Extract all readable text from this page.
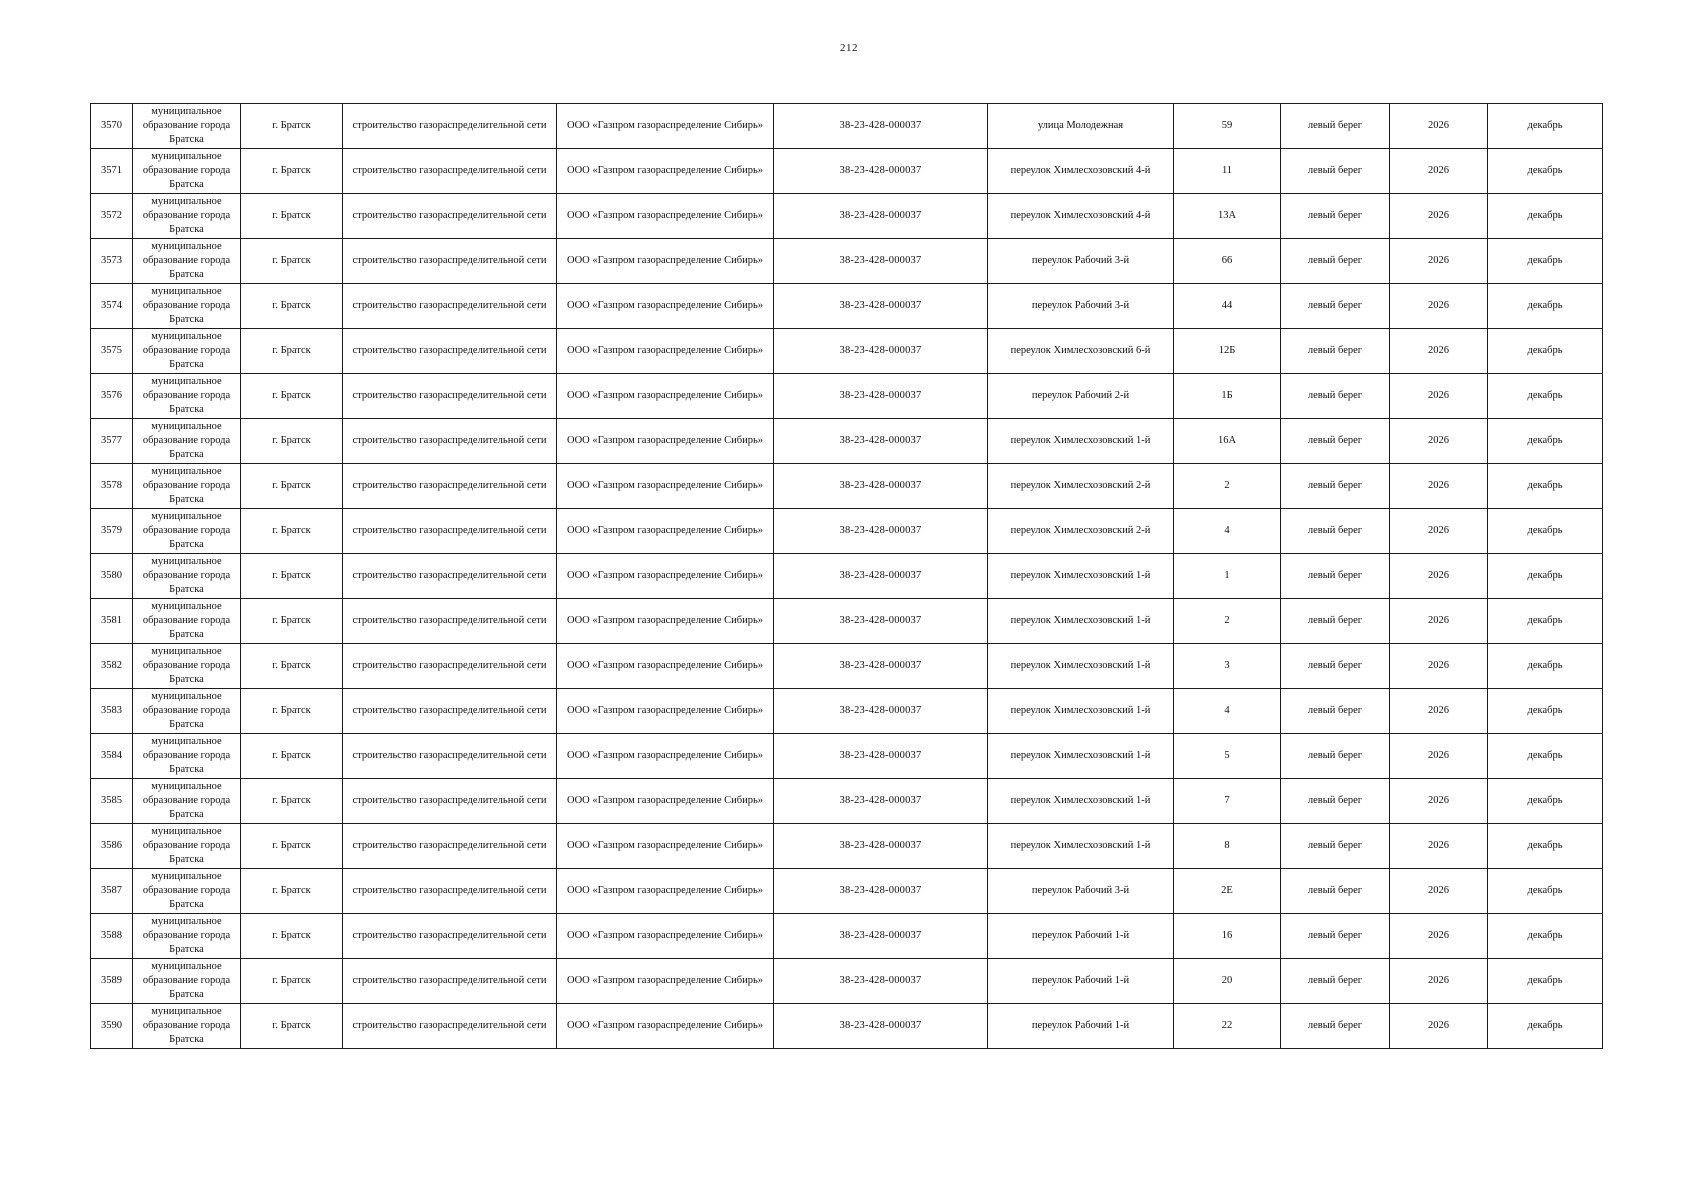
212
3570	муниципальное образование города Братска	г. Братск	строительство газораспределительной сети	ООО «Газпром газораспределение Сибирь»	38-23-428-000037	улица Молодежная	59	левый берег	2026	декабрь
3571	муниципальное образование города Братска	г. Братск	строительство газораспределительной сети	ООО «Газпром газораспределение Сибирь»	38-23-428-000037	переулок Химлесхозовский 4-й	11	левый берег	2026	декабрь
3572	муниципальное образование города Братска	г. Братск	строительство газораспределительной сети	ООО «Газпром газораспределение Сибирь»	38-23-428-000037	переулок Химлесхозовский 4-й	13А	левый берег	2026	декабрь
3573	муниципальное образование города Братска	г. Братск	строительство газораспределительной сети	ООО «Газпром газораспределение Сибирь»	38-23-428-000037	переулок Рабочий 3-й	66	левый берег	2026	декабрь
3574	муниципальное образование города Братска	г. Братск	строительство газораспределительной сети	ООО «Газпром газораспределение Сибирь»	38-23-428-000037	переулок Рабочий 3-й	44	левый берег	2026	декабрь
3575	муниципальное образование города Братска	г. Братск	строительство газораспределительной сети	ООО «Газпром газораспределение Сибирь»	38-23-428-000037	переулок Химлесхозовский 6-й	12Б	левый берег	2026	декабрь
3576	муниципальное образование города Братска	г. Братск	строительство газораспределительной сети	ООО «Газпром газораспределение Сибирь»	38-23-428-000037	переулок Рабочий 2-й	1Б	левый берег	2026	декабрь
3577	муниципальное образование города Братска	г. Братск	строительство газораспределительной сети	ООО «Газпром газораспределение Сибирь»	38-23-428-000037	переулок Химлесхозовский 1-й	16А	левый берег	2026	декабрь
3578	муниципальное образование города Братска	г. Братск	строительство газораспределительной сети	ООО «Газпром газораспределение Сибирь»	38-23-428-000037	переулок Химлесхозовский 2-й	2	левый берег	2026	декабрь
3579	муниципальное образование города Братска	г. Братск	строительство газораспределительной сети	ООО «Газпром газораспределение Сибирь»	38-23-428-000037	переулок Химлесхозовский 2-й	4	левый берег	2026	декабрь
3580	муниципальное образование города Братска	г. Братск	строительство газораспределительной сети	ООО «Газпром газораспределение Сибирь»	38-23-428-000037	переулок Химлесхозовский 1-й	1	левый берег	2026	декабрь
3581	муниципальное образование города Братска	г. Братск	строительство газораспределительной сети	ООО «Газпром газораспределение Сибирь»	38-23-428-000037	переулок Химлесхозовский 1-й	2	левый берег	2026	декабрь
3582	муниципальное образование города Братска	г. Братск	строительство газораспределительной сети	ООО «Газпром газораспределение Сибирь»	38-23-428-000037	переулок Химлесхозовский 1-й	3	левый берег	2026	декабрь
3583	муниципальное образование города Братска	г. Братск	строительство газораспределительной сети	ООО «Газпром газораспределение Сибирь»	38-23-428-000037	переулок Химлесхозовский 1-й	4	левый берег	2026	декабрь
3584	муниципальное образование города Братска	г. Братск	строительство газораспределительной сети	ООО «Газпром газораспределение Сибирь»	38-23-428-000037	переулок Химлесхозовский 1-й	5	левый берег	2026	декабрь
3585	муниципальное образование города Братска	г. Братск	строительство газораспределительной сети	ООО «Газпром газораспределение Сибирь»	38-23-428-000037	переулок Химлесхозовский 1-й	7	левый берег	2026	декабрь
3586	муниципальное образование города Братска	г. Братск	строительство газораспределительной сети	ООО «Газпром газораспределение Сибирь»	38-23-428-000037	переулок Химлесхозовский 1-й	8	левый берег	2026	декабрь
3587	муниципальное образование города Братска	г. Братск	строительство газораспределительной сети	ООО «Газпром газораспределение Сибирь»	38-23-428-000037	переулок Рабочий 3-й	2Е	левый берег	2026	декабрь
3588	муниципальное образование города Братска	г. Братск	строительство газораспределительной сети	ООО «Газпром газораспределение Сибирь»	38-23-428-000037	переулок Рабочий 1-й	16	левый берег	2026	декабрь
3589	муниципальное образование города Братска	г. Братск	строительство газораспределительной сети	ООО «Газпром газораспределение Сибирь»	38-23-428-000037	переулок Рабочий 1-й	20	левый берег	2026	декабрь
3590	муниципальное образование города Братска	г. Братск	строительство газораспределительной сети	ООО «Газпром газораспределение Сибирь»	38-23-428-000037	переулок Рабочий 1-й	22	левый берег	2026	декабрь
